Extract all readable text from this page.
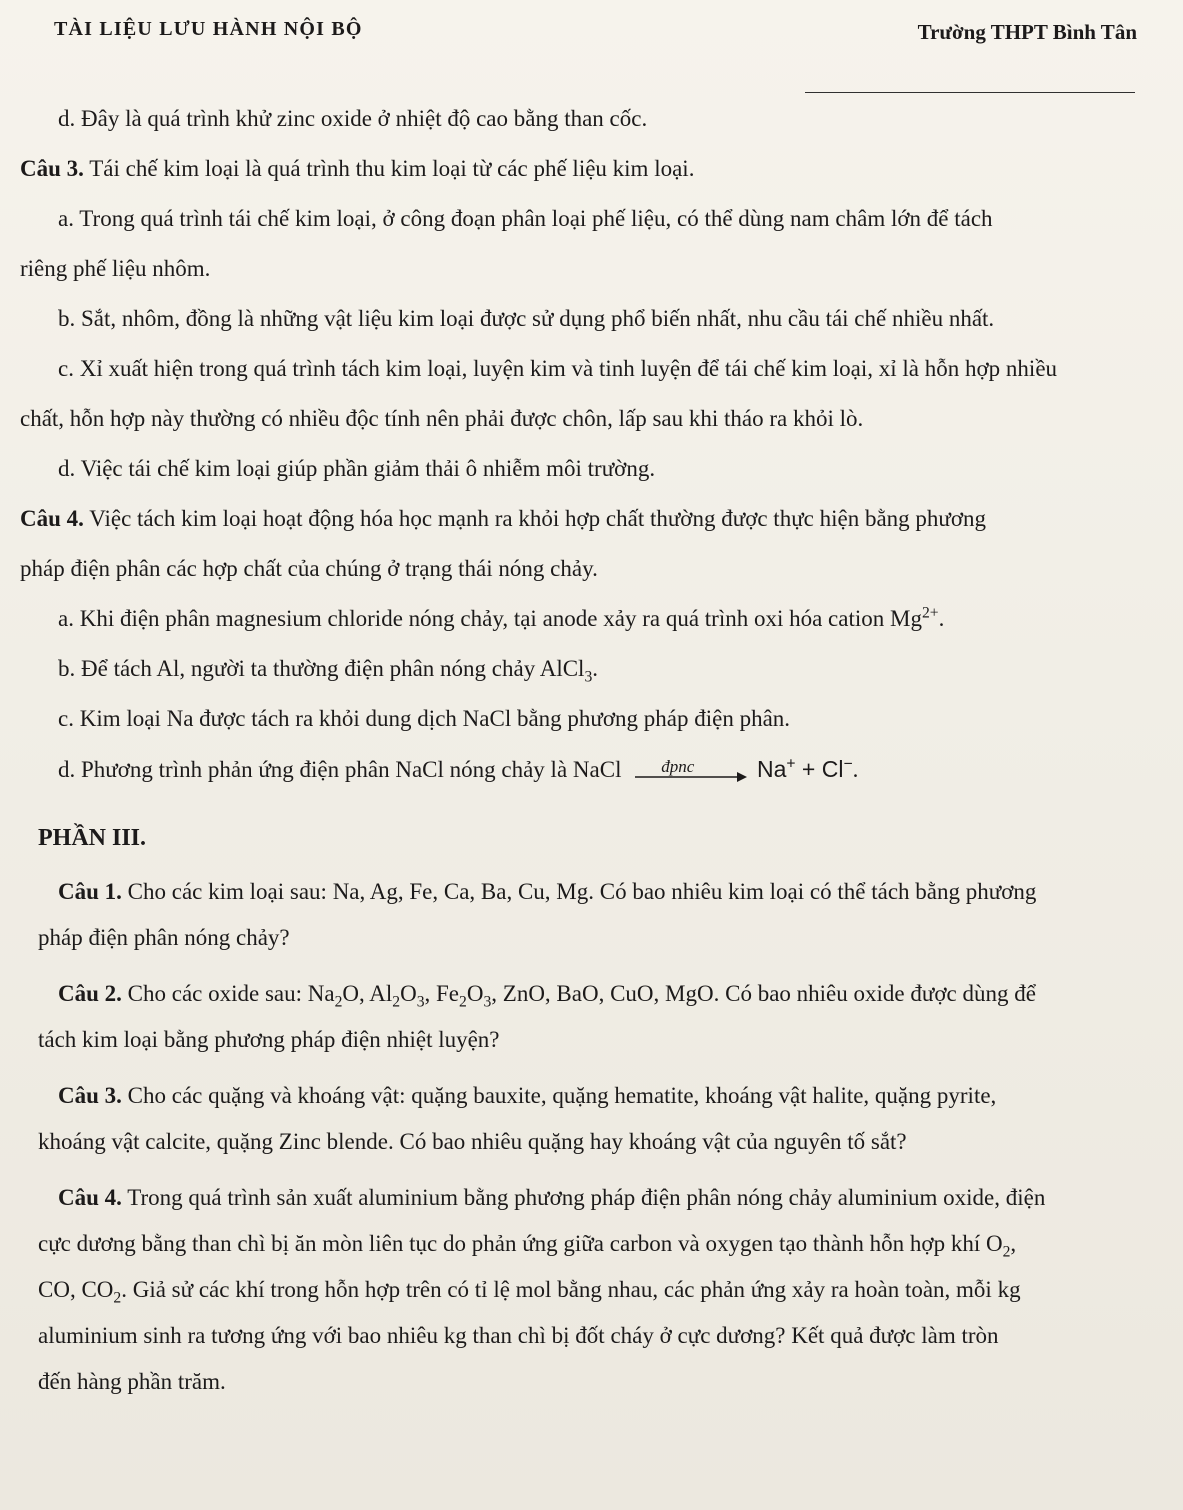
TÀI LIỆU LƯU HÀNH NỘI BỘ	Trường THPT Bình Tân
d. Đây là quá trình khử zinc oxide ở nhiệt độ cao bằng than cốc.
Câu 3. Tái chế kim loại là quá trình thu kim loại từ các phế liệu kim loại.
a. Trong quá trình tái chế kim loại, ở công đoạn phân loại phế liệu, có thể dùng nam châm lớn để tách
riêng phế liệu nhôm.
b. Sắt, nhôm, đồng là những vật liệu kim loại được sử dụng phổ biến nhất, nhu cầu tái chế nhiều nhất.
c. Xỉ xuất hiện trong quá trình tách kim loại, luyện kim và tinh luyện để tái chế kim loại, xỉ là hỗn hợp nhiều
chất, hỗn hợp này thường có nhiều độc tính nên phải được chôn, lấp sau khi tháo ra khỏi lò.
d. Việc tái chế kim loại giúp phần giảm thải ô nhiễm môi trường.
Câu 4. Việc tách kim loại hoạt động hóa học mạnh ra khỏi hợp chất thường được thực hiện bằng phương
pháp điện phân các hợp chất của chúng ở trạng thái nóng chảy.
a. Khi điện phân magnesium chloride nóng chảy, tại anode xảy ra quá trình oxi hóa cation $Mg^{2+}$.
b. Để tách Al, người ta thường điện phân nóng chảy AlCl$_3$.
c. Kim loại Na được tách ra khỏi dung dịch NaCl bằng phương pháp điện phân.
d. Phương trình phản ứng điện phân NaCl nóng chảy là NaCl đpnc	Na+ + Cl−.
PHẦN III.
Câu 1. Cho các kim loại sau: Na, Ag, Fe, Ca, Ba, Cu, Mg. Có bao nhiêu kim loại có thể tách bằng phương
pháp điện phân nóng chảy?
Câu 2. Cho các oxide sau: $Na_2O$, $Al_2O_3$, $Fe_2O_3$, ZnO, BaO, CuO, MgO. Có bao nhiêu oxide được dùng để
tách kim loại bằng phương pháp điện nhiệt luyện?
Câu 3. Cho các quặng và khoáng vật: quặng bauxite, quặng hematite, khoáng vật halite, quặng pyrite,
khoáng vật calcite, quặng Zinc blende. Có bao nhiêu quặng hay khoáng vật của nguyên tố sắt?
Câu 4. Trong quá trình sản xuất aluminium bằng phương pháp điện phân nóng chảy aluminium oxide, điện
cực dương bằng than chì bị ăn mòn liên tục do phản ứng giữa carbon và oxygen tạo thành hỗn hợp khí $O_2$,
CO, $CO_2$. Giả sử các khí trong hỗn hợp trên có tỉ lệ mol bằng nhau, các phản ứng xảy ra hoàn toàn, mỗi kg
aluminium sinh ra tương ứng với bao nhiêu kg than chì bị đốt cháy ở cực dương? Kết quả được làm tròn
đến hàng phần trăm.
